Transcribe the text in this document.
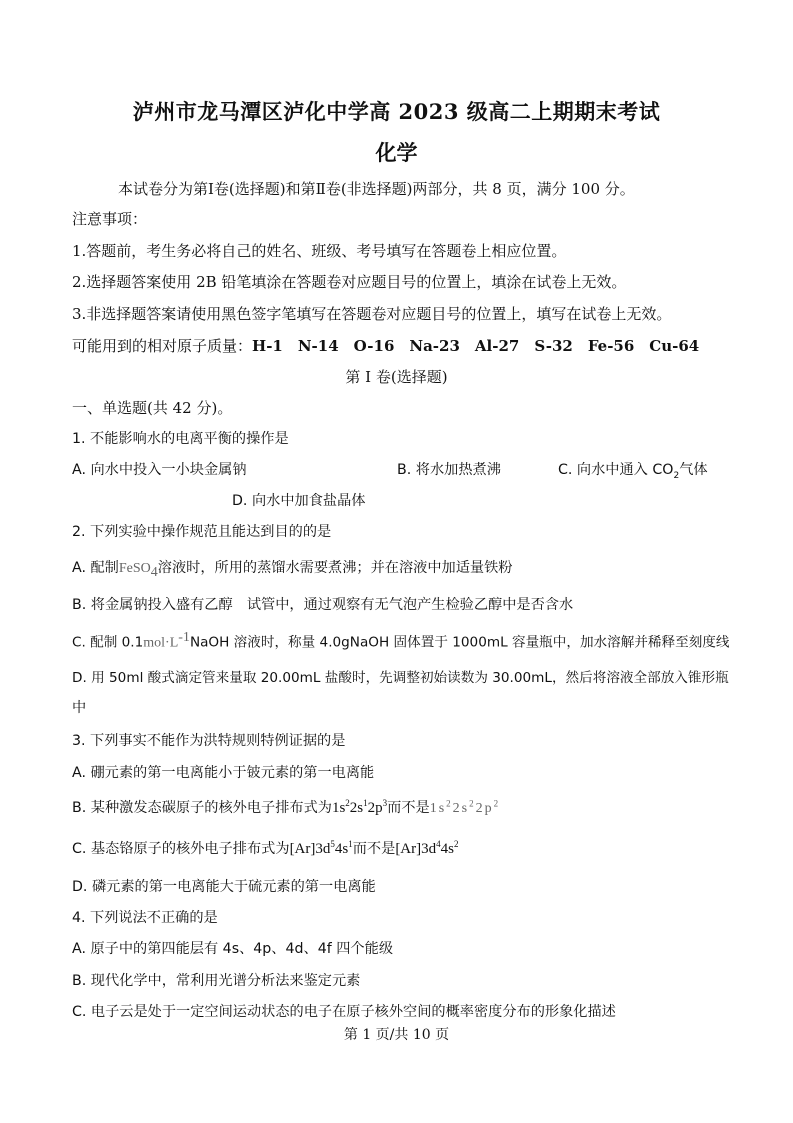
泸州市龙马潭区泸化中学高 2023 级高二上期期末考试
化学
本试卷分为第Ⅰ卷(选择题)和第Ⅱ卷(非选择题)两部分，共 8 页，满分 100 分。
注意事项：
1.答题前，考生务必将自己的姓名、班级、考号填写在答题卷上相应位置。
2.选择题答案使用 2B 铅笔填涂在答题卷对应题目号的位置上，填涂在试卷上无效。
3.非选择题答案请使用黑色签字笔填写在答题卷对应题目号的位置上，填写在试卷上无效。
可能用到的相对原子质量：H-1　N-14　O-16　Na-23　Al-27　S-32　Fe-56　Cu-64
第 I 卷(选择题)
一、单选题(共 42 分)。
1. 不能影响水的电离平衡的操作是
A. 向水中投入一小块金属钠	B. 将水加热煮沸	C. 向水中通入 $CO_2$气体
D. 向水中加食盐晶体
2. 下列实验中操作规范且能达到目的的是
A. 配制FeSO$_4$溶液时，所用的蒸馏水需要煮沸；并在溶液中加适量铁粉
B. 将金属钠投入盛有乙醇　试管中，通过观察有无气泡产生检验乙醇中是否含水
C. 配制 $0.1mol\cdot L^{-1}NaOH$ 溶液时，称量 4.0gNaOH 固体置于 1000mL 容量瓶中，加水溶解并稀释至刻度线
D. 用 50ml 酸式滴定管来量取 20.00mL 盐酸时，先调整初始读数为 30.00mL，然后将溶液全部放入锥形瓶
中
3. 下列事实不能作为洪特规则特例证据的是
A. 硼元素的第一电离能小于铍元素的第一电离能
B. 某种激发态碳原子的核外电子排布式为$1s^22s^12p^3$而不是$1s^22s^22p^2$
C. 基态铬原子的核外电子排布式为$[Ar]3d^54s^1$而不是$[Ar]3d^44s^2$
D. 磷元素的第一电离能大于硫元素的第一电离能
4. 下列说法不正确的是
A. 原子中的第四能层有 4s、4p、4d、4f 四个能级
B. 现代化学中，常利用光谱分析法来鉴定元素
C. 电子云是处于一定空间运动状态的电子在原子核外空间的概率密度分布的形象化描述
第 1 页/共 10 页
